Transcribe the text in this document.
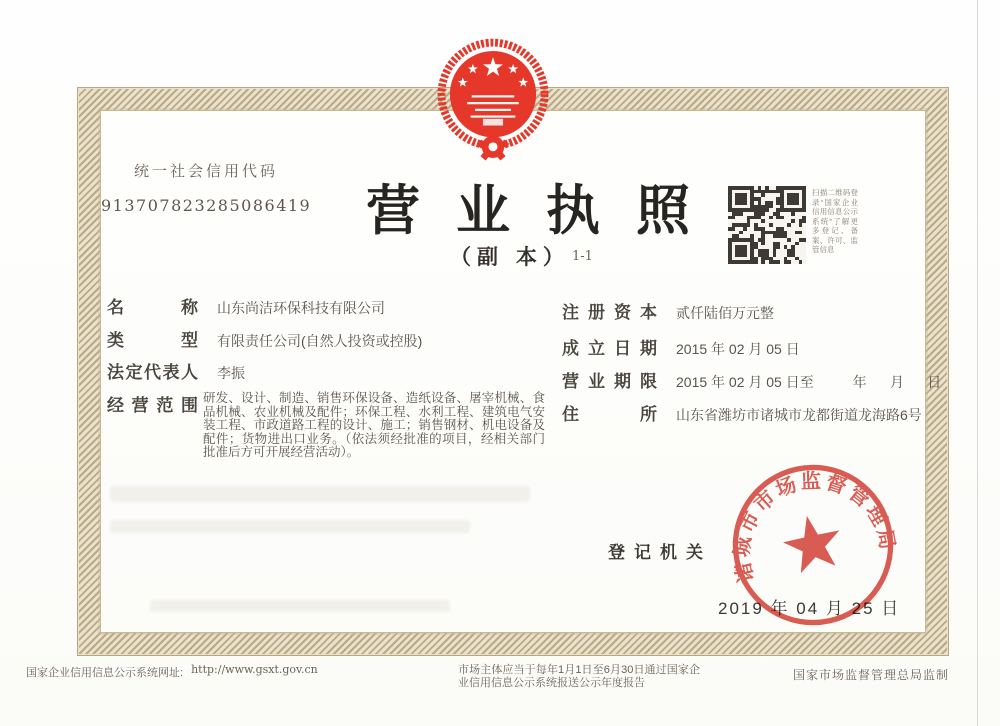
统一社会信用代码
913707823285086419 营业执照
（副 本） 1-1
扫描二维码登录“国家企业信用信息公示系统”了解更多登记、备案、许可、监管信息
名称 山东尚洁环保科技有限公司
类型 有限责任公司(自然人投资或控股)
法定代表人 李振
经营范围 研发、设计、制造、销售环保设备、造纸设备、屠宰机械、食品机械、农业机械及配件；环保工程、水利工程、建筑电气安装工程、市政道路工程的设计、施工；销售钢材、机电设备及配件；货物进出口业务。（依法须经批准的项目，经相关部门批准后方可开展经营活动）。
注册资本 贰仟陆佰万元整
成立日期 2015 年 02 月 05 日
营业期限 2015 年 02 月 05 日至          年      月      日
住所 山东省潍坊市诸城市龙都街道龙海路6号
登记机关
2019 年 04 月 25 日
诸城市市场监督管理局
国家企业信用信息公示系统网址: http://www.gsxt.gov.cn	市场主体应当于每年1月1日至6月30日通过国家企业信用信息公示系统报送公示年度报告
国家市场监督管理总局监制
